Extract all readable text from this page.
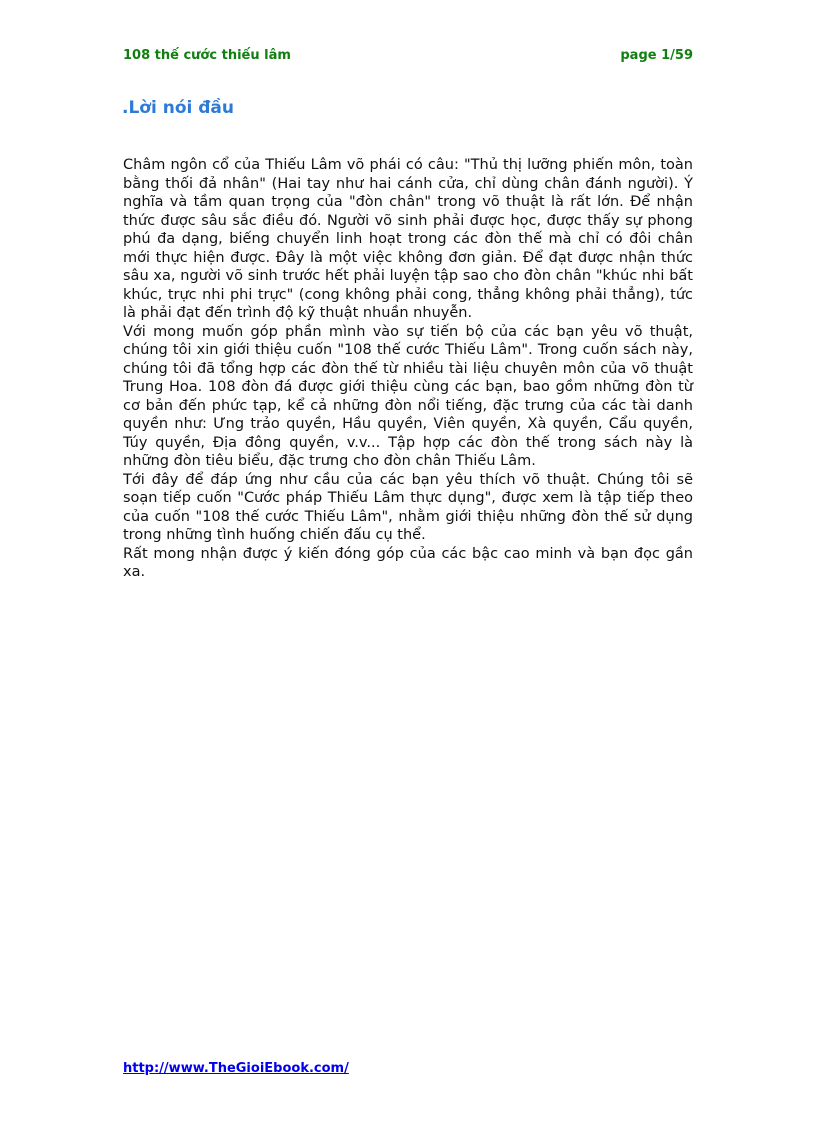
108 thế cước thiếu lâm	page 1/59
.Lời nói đầu

Châm ngôn cổ của Thiếu Lâm võ phái có câu: "Thủ thị lưỡng phiến môn, toàn bằng thối đả nhân" (Hai tay như hai cánh cửa, chỉ dùng chân đánh người). Ý nghĩa và tầm quan trọng của "đòn chân" trong võ thuật là rất lớn. Để nhận thức được sâu sắc điều đó. Người võ sinh phải được học, được thấy sự phong phú đa dạng, biếng chuyển linh hoạt trong các đòn thế mà chỉ có đôi chân mới thực hiện được. Đây là một việc không đơn giản. Để đạt được nhận thức sâu xa, người võ sinh trước hết phải luyện tập sao cho đòn chân "khúc nhi bất khúc, trực nhi phi trực" (cong không phải cong, thẳng không phải thẳng), tức là phải đạt đến trình độ kỹ thuật nhuần nhuyễn.

Với mong muốn góp phần mình vào sự tiến bộ của các bạn yêu võ thuật, chúng tôi xin giới thiệu cuốn "108 thế cước Thiếu Lâm". Trong cuốn sách này, chúng tôi đã tổng hợp các đòn thế từ nhiều tài liệu chuyên môn của võ thuật Trung Hoa. 108 đòn đá được giới thiệu cùng các bạn, bao gồm những đòn từ cơ bản đến phức tạp, kể cả những đòn nổi tiếng, đặc trưng của các tài danh quyền như: Ưng trảo quyền, Hầu quyền, Viên quyền, Xà quyền, Cẩu quyền, Túy quyền, Địa đông quyền, v.v... Tập hợp các đòn thế trong sách này là những đòn tiêu biểu, đặc trưng cho đòn chân Thiếu Lâm.

Tới đây để đáp ứng như cầu của các bạn yêu thích võ thuật. Chúng tôi sẽ soạn tiếp cuốn "Cước pháp Thiếu Lâm thực dụng", được xem là tập tiếp theo của cuốn "108 thế cước Thiếu Lâm", nhằm giới thiệu những đòn thế sử dụng trong những tình huống chiến đấu cụ thể.

Rất mong nhận được ý kiến đóng góp của các bậc cao minh và bạn đọc gần xa.

http://www.TheGioiEbook.com/
